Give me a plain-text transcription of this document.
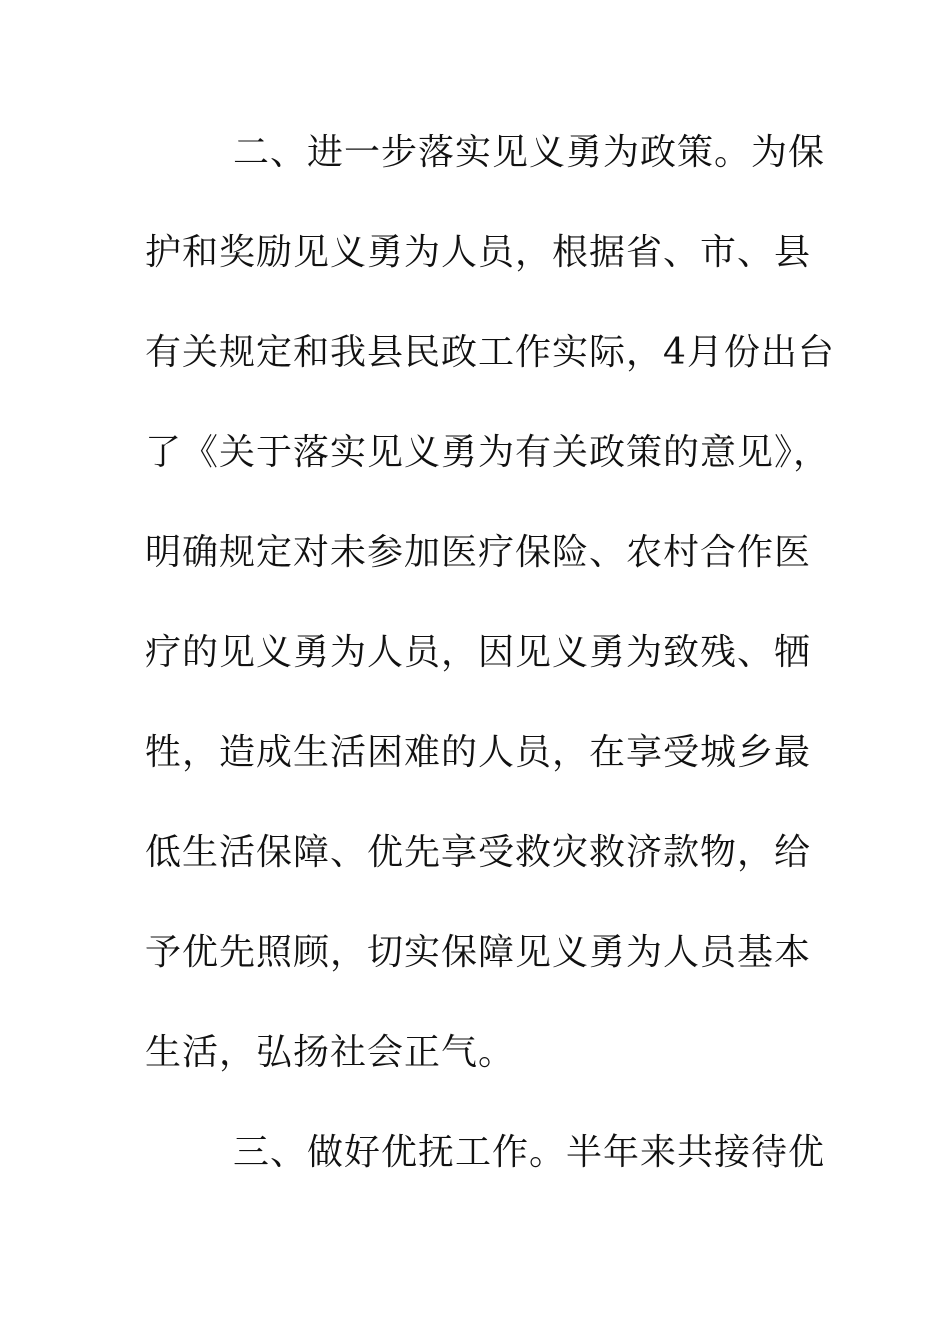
二、进一步落实见义勇为政策。为保
护和奖励见义勇为人员，根据省、市、县
有关规定和我县民政工作实际，4月份出台
了《关于落实见义勇为有关政策的意见》，
明确规定对未参加医疗保险、农村合作医
疗的见义勇为人员，因见义勇为致残、牺
牲，造成生活困难的人员，在享受城乡最
低生活保障、优先享受救灾救济款物，给
予优先照顾，切实保障见义勇为人员基本
生活，弘扬社会正气。
三、做好优抚工作。半年来共接待优
